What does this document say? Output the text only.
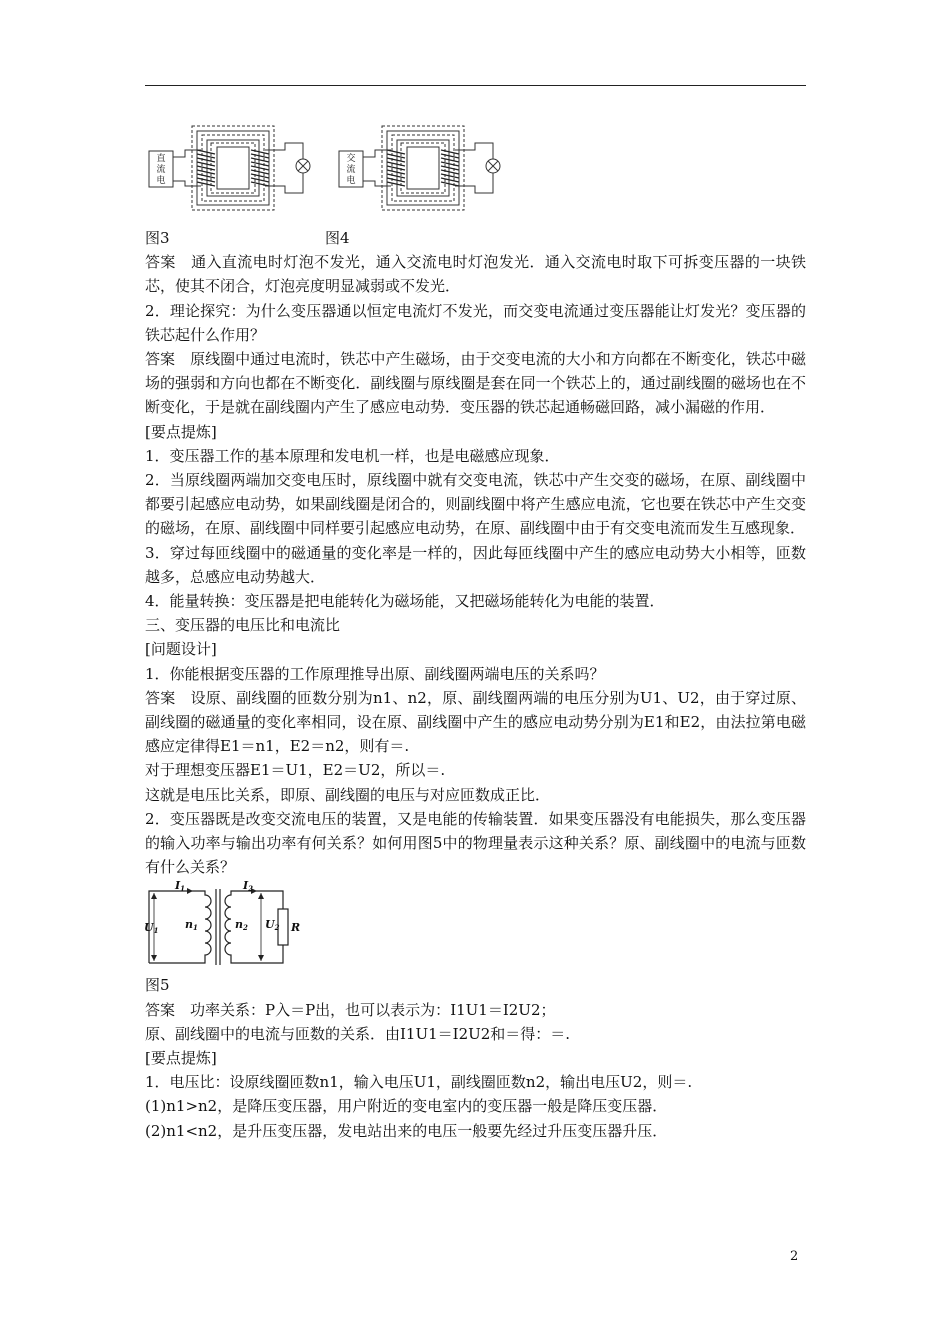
直
流
电
交
流
电
图3	图4

答案　通入直流电时灯泡不发光，通入交流电时灯泡发光．通入交流电时取下可拆变压器的一块铁芯，使其不闭合，灯泡亮度明显减弱或不发光．

2．理论探究：为什么变压器通以恒定电流灯不发光，而交变电流通过变压器能让灯发光？变压器的铁芯起什么作用？

答案　原线圈中通过电流时，铁芯中产生磁场，由于交变电流的大小和方向都在不断变化，铁芯中磁场的强弱和方向也都在不断变化．副线圈与原线圈是套在同一个铁芯上的，通过副线圈的磁场也在不断变化，于是就在副线圈内产生了感应电动势．变压器的铁芯起通畅磁回路，减小漏磁的作用．

[要点提炼]

1．变压器工作的基本原理和发电机一样，也是电磁感应现象．

2．当原线圈两端加交变电压时，原线圈中就有交变电流，铁芯中产生交变的磁场，在原、副线圈中都要引起感应电动势，如果副线圈是闭合的，则副线圈中将产生感应电流，它也要在铁芯中产生交变的磁场，在原、副线圈中同样要引起感应电动势，在原、副线圈中由于有交变电流而发生互感现象．

3．穿过每匝线圈中的磁通量的变化率是一样的，因此每匝线圈中产生的感应电动势大小相等，匝数越多，总感应电动势越大．

4．能量转换：变压器是把电能转化为磁场能，又把磁场能转化为电能的装置．

三、变压器的电压比和电流比

[问题设计]

1．你能根据变压器的工作原理推导出原、副线圈两端电压的关系吗？

答案　设原、副线圈的匝数分别为n1、n2，原、副线圈两端的电压分别为U1、U2，由于穿过原、副线圈的磁通量的变化率相同，设在原、副线圈中产生的感应电动势分别为E1和E2，由法拉第电磁感应定律得E1＝n1，E2＝n2，则有＝.

对于理想变压器E1＝U1，E2＝U2，所以＝.

这就是电压比关系，即原、副线圈的电压与对应匝数成正比．

2．变压器既是改变交流电压的装置，又是电能的传输装置．如果变压器没有电能损失，那么变压器的输入功率与输出功率有何关系？如何用图5中的物理量表示这种关系？原、副线圈中的电流与匝数有什么关系？

I1	I2
U1 n1	n2 U2 R

图5

答案　功率关系：P入＝P出，也可以表示为：I1U1＝I2U2；

原、副线圈中的电流与匝数的关系．由I1U1＝I2U2和＝得：＝.

[要点提炼]

1．电压比：设原线圈匝数n1，输入电压U1，副线圈匝数n2，输出电压U2，则＝.

(1)n1>n2，是降压变压器，用户附近的变电室内的变压器一般是降压变压器．

(2)n1<n2，是升压变压器，发电站出来的电压一般要先经过升压变压器升压．

2
